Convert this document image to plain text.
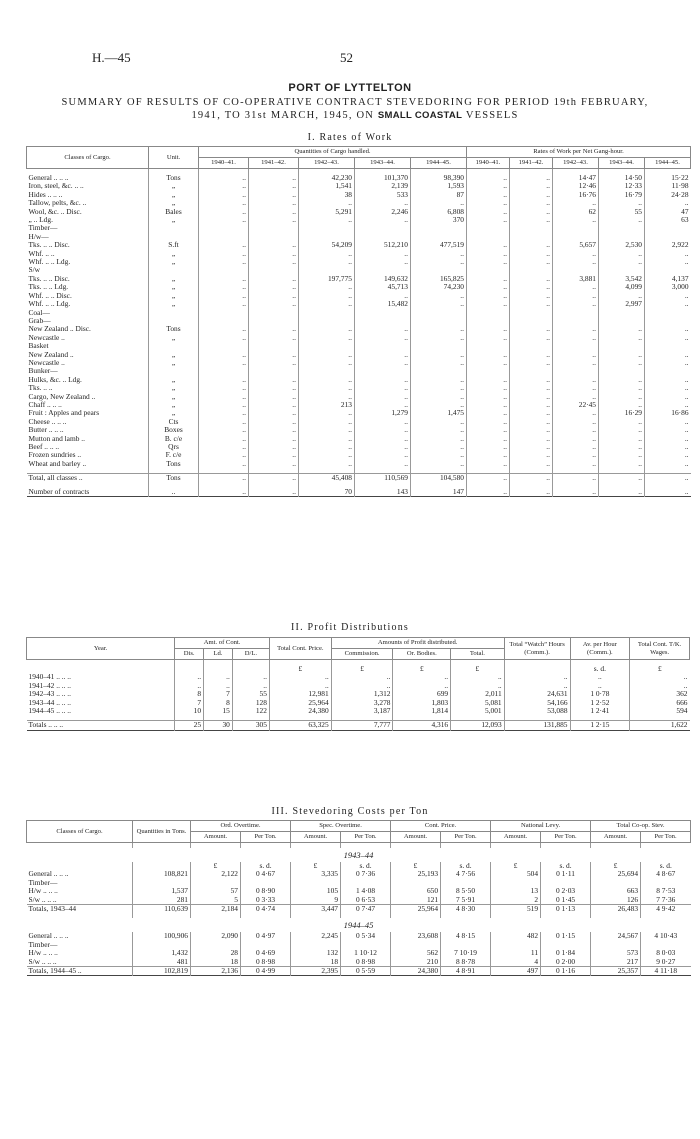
H.—45	52
PORT OF LYTTELTON
SUMMARY OF RESULTS OF CO-OPERATIVE CONTRACT STEVEDORING FOR PERIOD 19th FEBRUARY,
1941, TO 31st MARCH, 1945, ON SMALL COASTAL VESSELS
I. Rates of Work
Classes of Cargo.	Unit.	Quantities of Cargo handled.					Rates of Work per Net Gang-hour.				
		1940–41.	1941–42.	1942–43.	1943–44.	1944–45.	1940–41.	1941–42.	1942–43.	1943–44.	1944–45.

General .. .. ..	Tons	..	..	42,230	101,370	98,390	..	..	14·47	14·50	15·22
Iron, steel, &c. .. ..	„	..	..	1,541	2,139	1,593	..	..	12·46	12·33	11·98
Hides .. .. ..	„	..	..	38	533	87	..	..	16·76	16·79	24·28
Tallow, pelts, &c. ..	„	..	..	..	..	..	..	..	..	..	..
Wool, &c. .. Disc.	Bales	..	..	5,291	2,246	6,808	..	..	62	55	47
„ .. Ldg.	„	..	..	..	..	370	..	..	..	..	63
Timber—											
H/w—											
Tks. .. .. Disc.	S.ft	..	..	54,209	512,210	477,519	..	..	5,657	2,530	2,922
Whf. .. ..	„	..	..	..	..	..	..	..	..	..	..
Whf. .. .. Ldg.	„	..	..	..	..	..	..	..	..	..	..
S/w											
Tks. .. .. Disc.	„	..	..	197,775	149,632	165,825	..	..	3,881	3,542	4,137
Tks. .. .. Ldg.	„	..	..	..	45,713	74,230	..	..	..	4,099	3,000
Whf. .. .. Disc.	„	..	..	..	..	..	..	..	..	..	..
Whf. .. .. Ldg.	„	..	..	..	15,482	..	..	..	..	2,997	..
Coal—											
Grab—											
New Zealand .. Disc.	Tons	..	..	..	..	..	..	..	..	..	..
Newcastle ..	„	..	..	..	..	..	..	..	..	..	..
Basket											
New Zealand ..	„	..	..	..	..	..	..	..	..	..	..
Newcastle ..	„	..	..	..	..	..	..	..	..	..	..
Bunker—											
Hulks, &c. .. Ldg.	„	..	..	..	..	..	..	..	..	..	..
Tks. .. ..	„	..	..	..	..	..	..	..	..	..	..
Cargo, New Zealand ..	„	..	..	..	..	..	..	..	..	..	..
Chaff .. .. ..	„	..	..	213	..	..	..	..	22·45	..	..
Fruit : Apples and pears	„	..	..	..	1,279	1,475	..	..	..	16·29	16·86
Cheese .. .. ..	Cts	..	..	..	..	..	..	..	..	..	..
Butter .. .. ..	Boxes	..	..	..	..	..	..	..	..	..	..
Mutton and lamb ..	B. c/e	..	..	..	..	..	..	..	..	..	..
Beef .. .. ..	Qrs	..	..	..	..	..	..	..	..	..	..
Frozen sundries ..	F. c/e	..	..	..	..	..	..	..	..	..	..
Wheat and barley ..	Tons	..	..	..	..	..	..	..	..	..	..

Total, all classes ..	Tons	..	..	45,408	110,569	104,580	..	..	..	..	..

Number of contracts	..	..	..	70	143	147	..	..	..	..	..
II. Profit Distributions
Year.	Amt. of Cont.			Total Cont. Price.	Amounts of Profit distributed.			Total “Watch” Hours (Comm.).	Av. per Hour (Comm.).	Total Cont. T/K. Wages.
	Dis.	Ld.	D/L.		Commission.	Or. Bodies.	Total.			

				£	£	£	£		s. d.	£
1940–41 .. .. ..	..	..	..	..	..	..	..	..	..	..
1941–42 .. .. ..	..	..	..	..	..	..	..	..	..	..
1942–43 .. .. ..	8	7	55	12,981	1,312	699	2,011	24,631	1 0·78	362
1943–44 .. .. ..	7	8	128	25,964	3,278	1,803	5,081	54,166	1 2·52	666
1944–45 .. .. ..	10	15	122	24,380	3,187	1,814	5,001	53,088	1 2·41	594

Totals .. .. ..	25	30	305	63,325	7,777	4,316	12,093	131,885	1 2·15	1,622
III. Stevedoring Costs per Ton
Classes of Cargo.	Quantities in Tons.	Ord. Overtime.		Spec. Overtime.		Cont. Price.		National Levy.		Total Co-op. Stev.	
		Amount.	Per Ton.	Amount.	Per Ton.	Amount.	Per Ton.	Amount.	Per Ton.	Amount.	Per Ton.

1943–44											
		£	s. d.	£	s. d.	£	s. d.	£	s. d.	£	s. d.
General .. .. ..	108,821	2,122	0 4·67	3,335	0 7·36	25,193	4 7·56	504	0 1·11	25,694	4 8·67
Timber—											
H/w .. .. ..	1,537	57	0 8·90	105	1 4·08	650	8 5·50	13	0 2·03	663	8 7·53
S/w .. .. ..	281	5	0 3·33	9	0 6·53	121	7 5·91	2	0 1·45	126	7 7·36
Totals, 1943–44	110,639	2,184	0 4·74	3,447	0 7·47	25,964	4 8·30	519	0 1·13	26,483	4 9·42

1944–45											
General .. .. ..	100,906	2,090	0 4·97	2,245	0 5·34	23,608	4 8·15	482	0 1·15	24,567	4 10·43
Timber—											
H/w .. .. ..	1,432	28	0 4·69	132	1 10·12	562	7 10·19	11	0 1·84	573	8 0·03
S/w .. .. ..	481	18	0 8·98	18	0 8·98	210	8 8·78	4	0 2·00	217	9 0·27
Totals, 1944–45 ..	102,819	2,136	0 4·99	2,395	0 5·59	24,380	4 8·91	497	0 1·16	25,357	4 11·18
